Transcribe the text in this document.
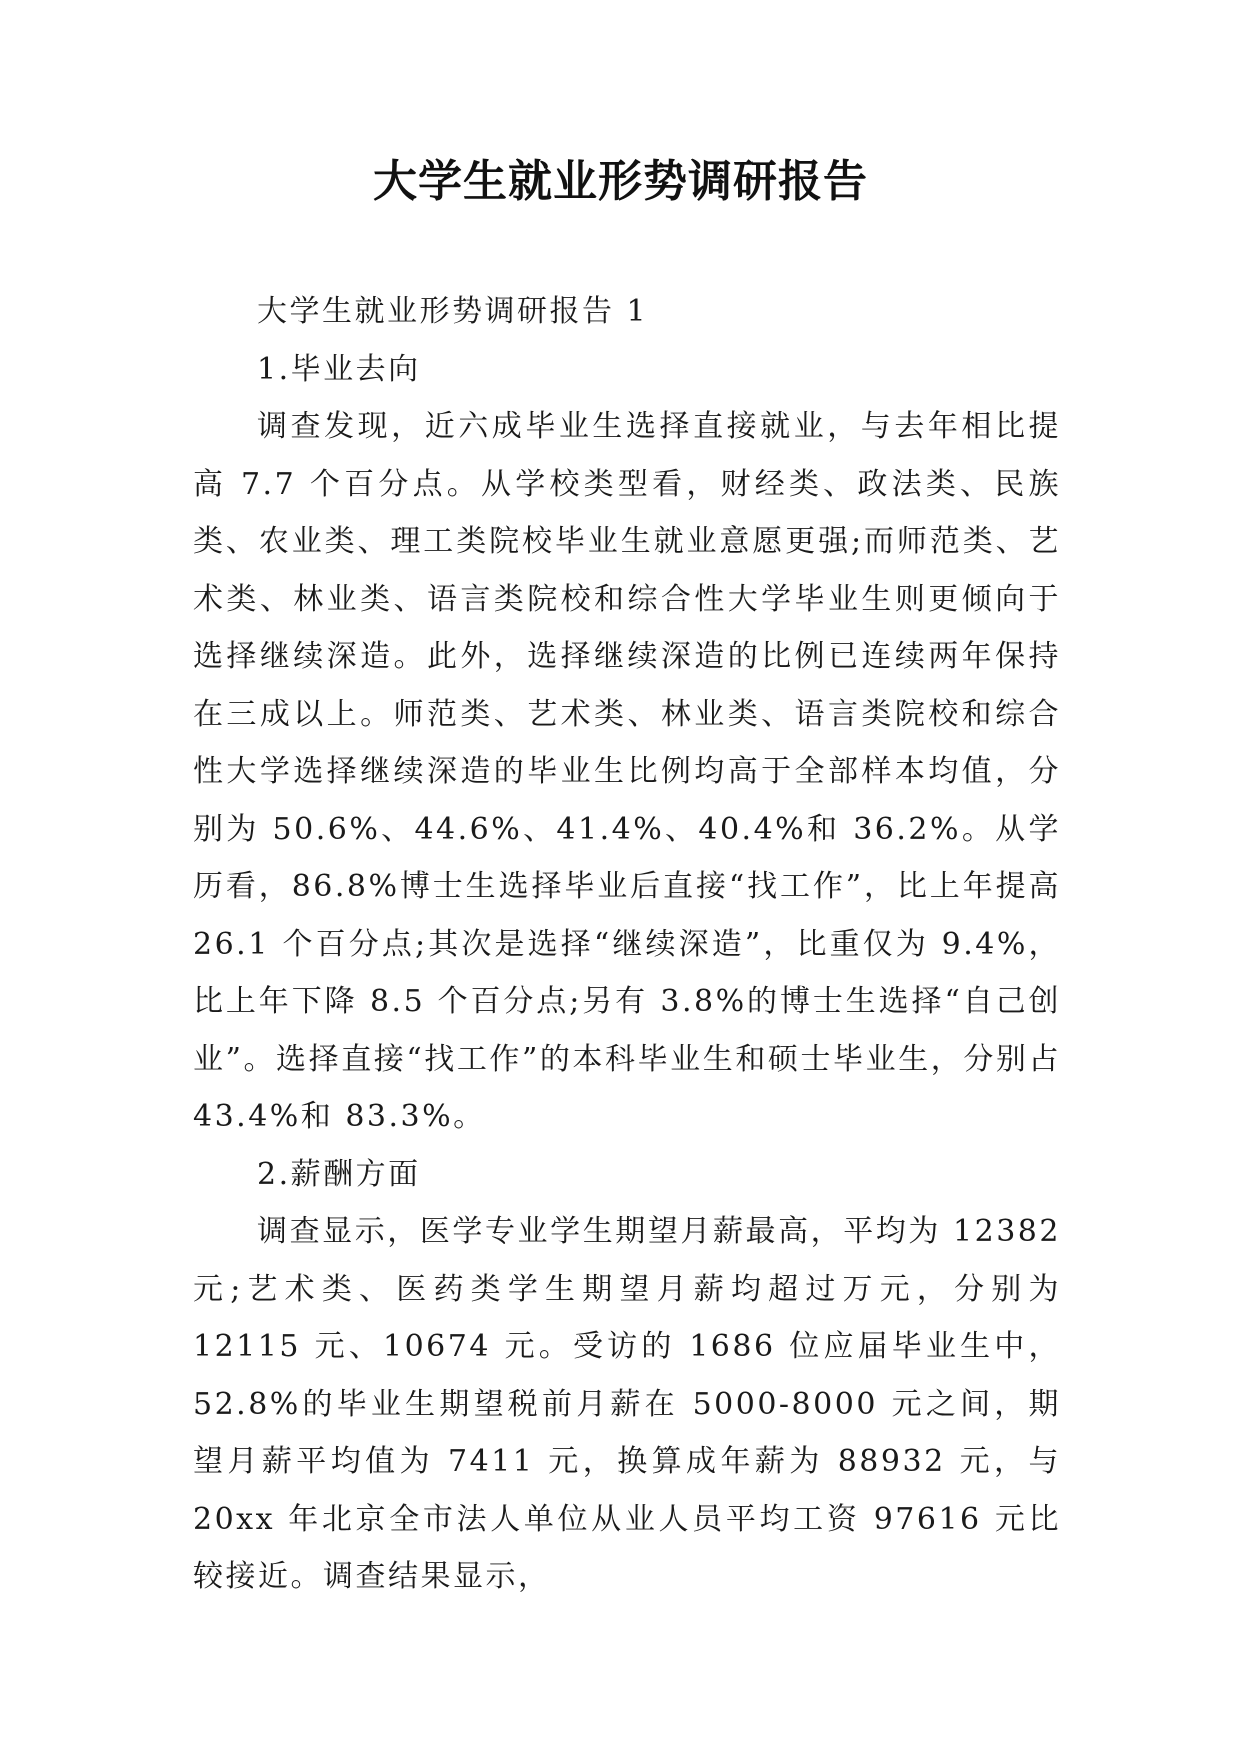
大学生就业形势调研报告

大学生就业形势调研报告 1

1.毕业去向

调查发现，近六成毕业生选择直接就业，与去年相比提高 7.7 个百分点。从学校类型看，财经类、政法类、民族类、农业类、理工类院校毕业生就业意愿更强;而师范类、艺术类、林业类、语言类院校和综合性大学毕业生则更倾向于选择继续深造。此外，选择继续深造的比例已连续两年保持在三成以上。师范类、艺术类、林业类、语言类院校和综合性大学选择继续深造的毕业生比例均高于全部样本均值，分别为 50.6%、44.6%、41.4%、40.4%和 36.2%。从学历看，86.8%博士生选择毕业后直接“找工作”，比上年提高 26.1 个百分点;其次是选择“继续深造”，比重仅为 9.4%，比上年下降 8.5 个百分点;另有 3.8%的博士生选择“自己创业”。选择直接“找工作”的本科毕业生和硕士毕业生，分别占 43.4%和 83.3%。

2.薪酬方面

调查显示，医学专业学生期望月薪最高，平均为 12382 元;艺术类、医药类学生期望月薪均超过万元，分别为 12115 元、10674 元。受访的 1686 位应届毕业生中，52.8%的毕业生期望税前月薪在 5000-8000 元之间，期望月薪平均值为 7411 元，换算成年薪为 88932 元，与 20xx 年北京全市法人单位从业人员平均工资 97616 元比较接近。调查结果显示，
